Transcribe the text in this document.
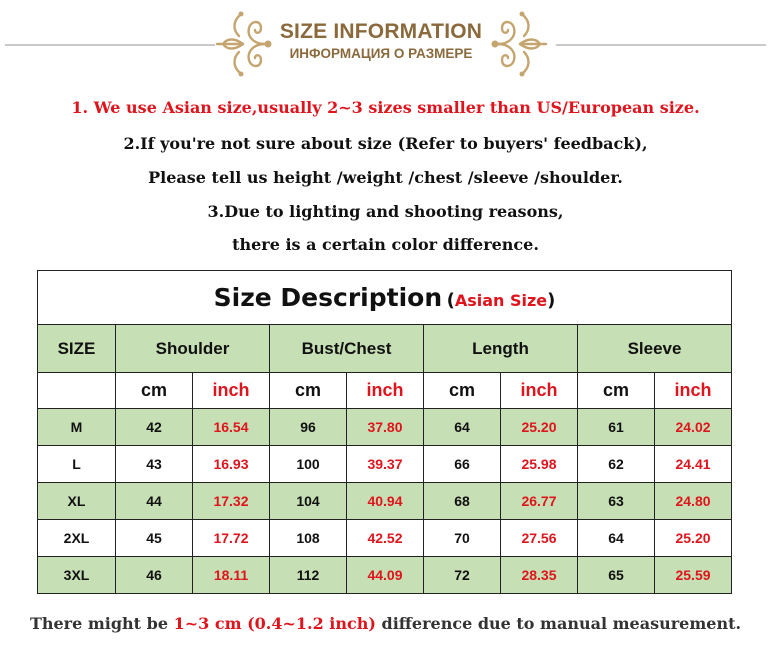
SIZE INFORMATION
ИНФОРМАЦИЯ О РАЗМЕРЕ
1. We use Asian size,usually 2~3 sizes smaller than US/European size.
2.If you're not sure about size (Refer to buyers' feedback),
Please tell us height /weight /chest /sleeve /shoulder.
3.Due to lighting and shooting reasons,
there is a certain color difference.
Size Description (Asian Size)								
SIZE	Shoulder		Bust/Chest		Length		Sleeve	
	cm	inch	cm	inch	cm	inch	cm	inch
M	42	16.54	96	37.80	64	25.20	61	24.02
L	43	16.93	100	39.37	66	25.98	62	24.41
XL	44	17.32	104	40.94	68	26.77	63	24.80
2XL	45	17.72	108	42.52	70	27.56	64	25.20
3XL	46	18.11	112	44.09	72	28.35	65	25.59
There might be 1~3 cm (0.4~1.2 inch) difference due to manual measurement.
